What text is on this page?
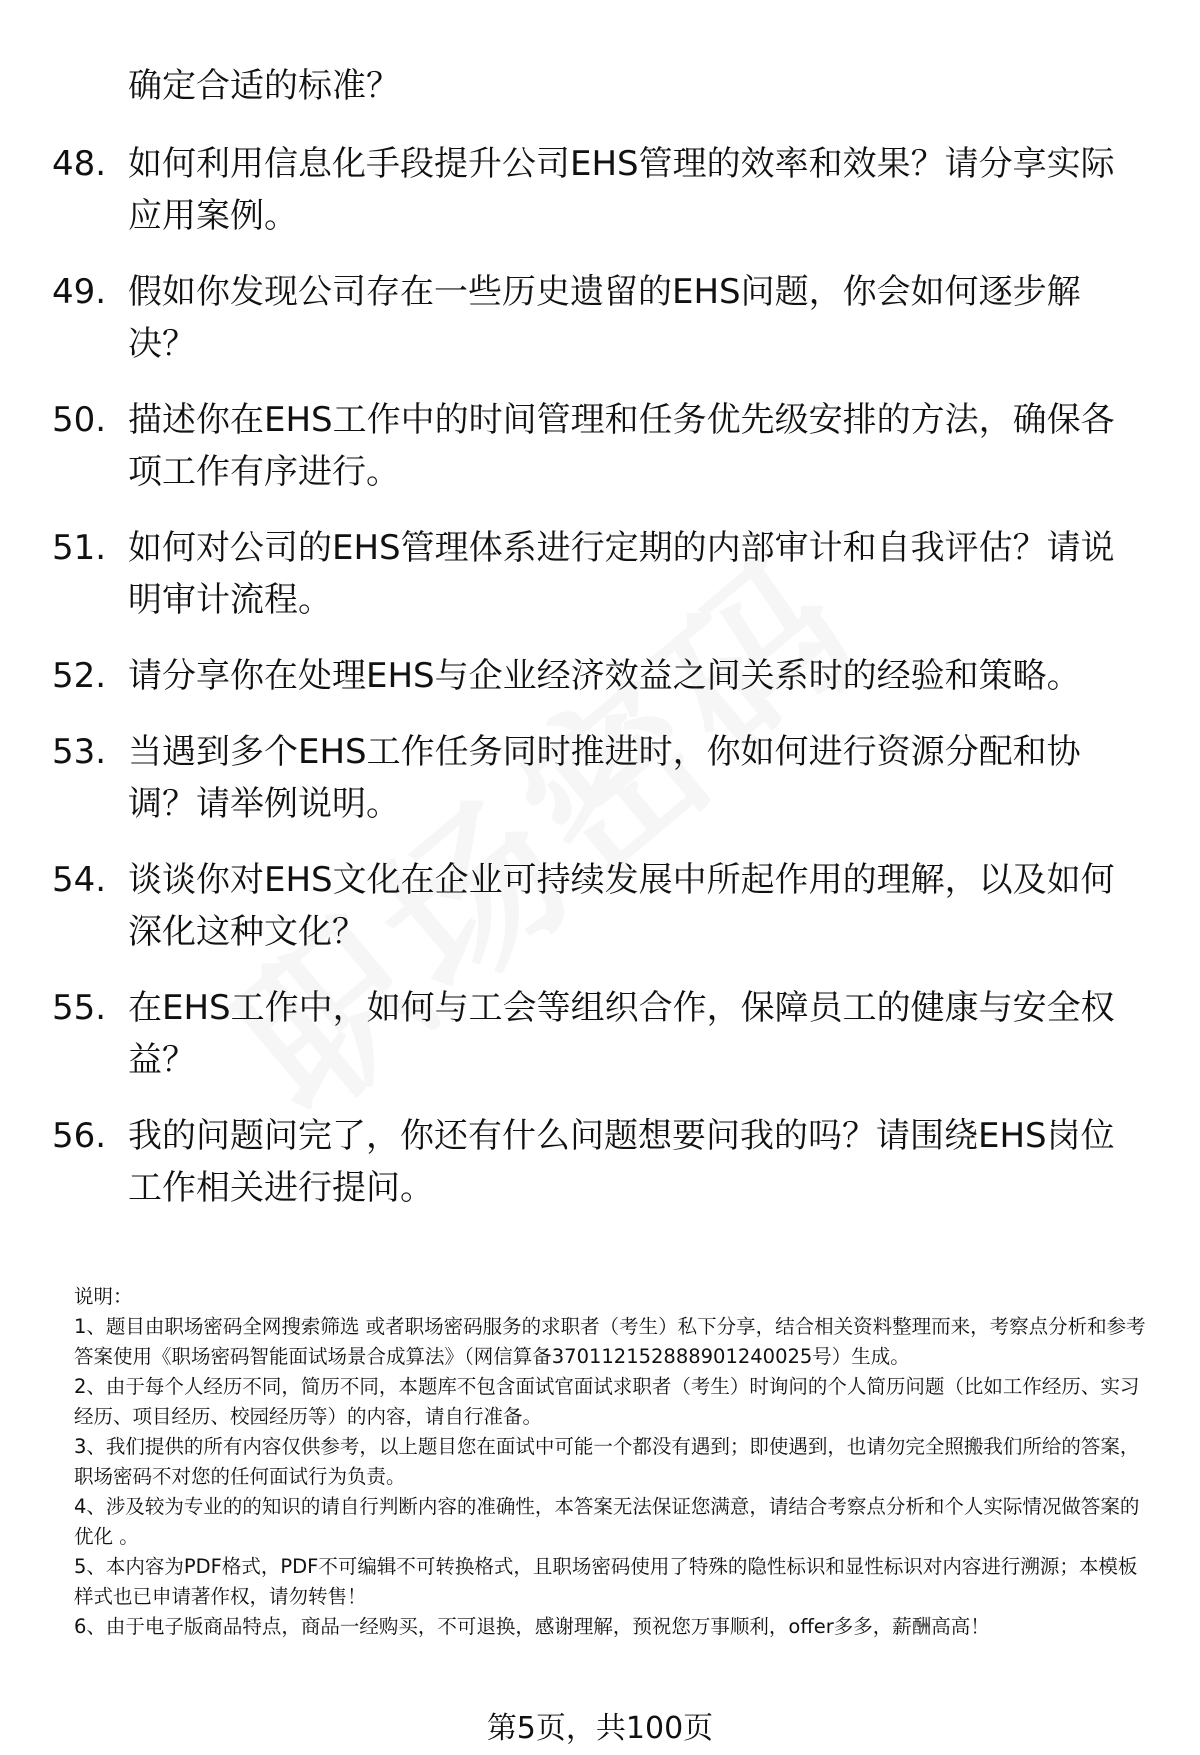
确定合适的标准？
48. 如何利用信息化手段提升公司EHS管理的效率和效果？请分享实际应用案例。
49. 假如你发现公司存在一些历史遗留的EHS问题，你会如何逐步解决？
50. 描述你在EHS工作中的时间管理和任务优先级安排的方法，确保各项工作有序进行。
51. 如何对公司的EHS管理体系进行定期的内部审计和自我评估？请说明审计流程。
52. 请分享你在处理EHS与企业经济效益之间关系时的经验和策略。
53. 当遇到多个EHS工作任务同时推进时，你如何进行资源分配和协调？请举例说明。
54. 谈谈你对EHS文化在企业可持续发展中所起作用的理解，以及如何深化这种文化？
55. 在EHS工作中，如何与工会等组织合作，保障员工的健康与安全权益？
56. 我的问题问完了，你还有什么问题想要问我的吗？请围绕EHS岗位工作相关进行提问。

说明：

1、题目由职场密码全网搜索筛选 或者职场密码服务的求职者（考生）私下分享，结合相关资料整理而来，考察点分析和参考答案使用《职场密码智能面试场景合成算法》（网信算备370112152888901240025号）生成。

2、由于每个人经历不同，简历不同，本题库不包含面试官面试求职者（考生）时询问的个人简历问题（比如工作经历、实习经历、项目经历、校园经历等）的内容，请自行准备。

3、我们提供的所有内容仅供参考，以上题目您在面试中可能一个都没有遇到；即使遇到，也请勿完全照搬我们所给的答案，职场密码不对您的任何面试行为负责。

4、涉及较为专业的的知识的请自行判断内容的准确性，本答案无法保证您满意，请结合考察点分析和个人实际情况做答案的优化 。

5、本内容为PDF格式，PDF不可编辑不可转换格式，且职场密码使用了特殊的隐性标识和显性标识对内容进行溯源；本模板样式也已申请著作权，请勿转售！

6、由于电子版商品特点，商品一经购买，不可退换，感谢理解，预祝您万事顺利，offer多多，薪酬高高！

第5页，共100页
